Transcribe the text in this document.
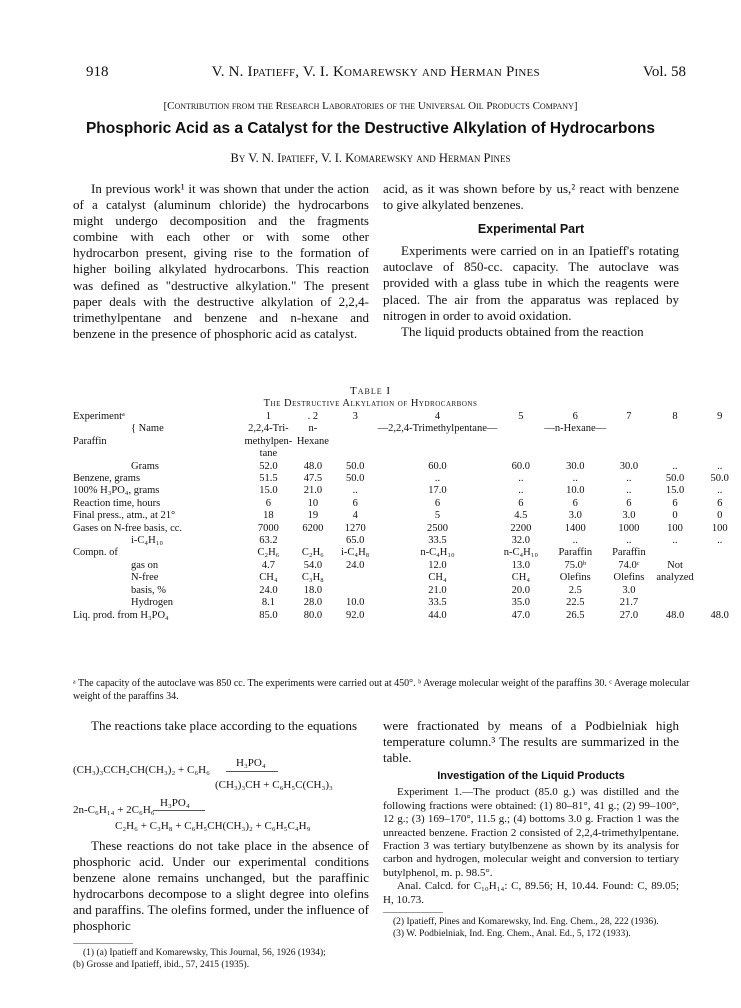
918	V. N. Ipatieff, V. I. Komarewsky and Herman Pines	Vol. 58
[Contribution from the Research Laboratories of the Universal Oil Products Company]
Phosphoric Acid as a Catalyst for the Destructive Alkylation of Hydrocarbons
By V. N. Ipatieff, V. I. Komarewsky and Herman Pines

In previous work¹ it was shown that under the action of a catalyst (aluminum chloride) the hydrocarbons might undergo decomposition and the fragments combine with each other or with some other hydrocarbon present, giving rise to the formation of higher boiling alkylated hydrocarbons. This reaction was defined as "destructive alkylation." The present paper deals with the destructive alkylation of 2,2,4-trimethylpentane and benzene and n-hexane and benzene in the presence of phosphoric acid as catalyst.

acid, as it was shown before by us,² react with benzene to give alkylated benzenes.

Experimental Part

Experiments were carried on in an Ipatieff's rotating autoclave of 850-cc. capacity. The autoclave was provided with a glass tube in which the reagents were placed. The air from the apparatus was replaced by nitrogen in order to avoid oxidation.

The liquid products obtained from the reaction

Table I
The Destructive Alkylation of Hydrocarbons
Experimentᵃ	1	. 2	3	4	5	6	7	8	9
{ Name	2,2,4-Tri-	n-		—2,2,4-Trimethylpentane—		—n-Hexane—			
Paraffin	methylpen-	Hexane							
	tane								
Grams	52.0	48.0	50.0	60.0	60.0	30.0	30.0	..	..
Benzene, grams	51.5	47.5	50.0	..	..	..	..	50.0	50.0
100% H₃PO₄, grams	15.0	21.0	..	17.0	..	10.0	..	15.0	..
Reaction time, hours	6	10	6	6	6	6	6	6	6
Final press., atm., at 21°	18	19	4	5	4.5	3.0	3.0	0	0
Gases on N-free basis, cc.	7000	6200	1270	2500	2200	1400	1000	100	100
i-C₄H₁₀	63.2		65.0	33.5	32.0	..	..	..	..
Compn. of	C₂H₆	C₂H₆	i-C₄H₈	n-C₄H₁₀	n-C₄H₁₀	Paraffin	Paraffin		
gas on	4.7	54.0	24.0	12.0	13.0	75.0ᵇ	74.0ᶜ	Not	
N-free	CH₄	C₃H₈		CH₄	CH₄	Olefins	Olefins	analyzed	
basis, %	24.0	18.0		21.0	20.0	2.5	3.0		
Hydrogen	8.1	28.0	10.0	33.5	35.0	22.5	21.7		
Liq. prod. from H₃PO₄	85.0	80.0	92.0	44.0	47.0	26.5	27.0	48.0	48.0
ᵃ The capacity of the autoclave was 850 cc. The experiments were carried out at 450°. ᵇ Average molecular weight of the paraffins 30. ᶜ Average molecular weight of the paraffins 34.

The reactions take place according to the equations

H₃PO₄
(CH₃)₃CCH₂CH(CH₃)₂ + C₆H₆
(CH₃)₃CH + C₆H₅C(CH₃)₃
H₃PO₄
2n-C₆H₁₄ + 2C₆H₆
C₂H₆ + C₃H₈ + C₆H₅CH(CH₃)₂ + C₆H₅C₄H₉

These reactions do not take place in the absence of phosphoric acid. Under our experimental conditions benzene alone remains unchanged, but the paraffinic hydrocarbons decompose to a slight degree into olefins and paraffins. The olefins formed, under the influence of phosphoric

(1) (a) Ipatieff and Komarewsky, This Journal, 56, 1926 (1934);
(b) Grosse and Ipatieff, ibid., 57, 2415 (1935).

were fractionated by means of a Podbielniak high temperature column.³ The results are summarized in the table.

Investigation of the Liquid Products

Experiment 1.—The product (85.0 g.) was distilled and the following fractions were obtained: (1) 80–81°, 41 g.; (2) 99–100°, 12 g.; (3) 169–170°, 11.5 g.; (4) bottoms 3.0 g. Fraction 1 was the unreacted benzene. Fraction 2 consisted of 2,2,4-trimethylpentane. Fraction 3 was tertiary butylbenzene as shown by its analysis for carbon and hydrogen, molecular weight and conversion to tertiary butylphenol, m. p. 98.5°.

Anal. Calcd. for C₁₀H₁₄: C, 89.56; H, 10.44. Found: C, 89.05; H, 10.73.

(2) Ipatieff, Pines and Komarewsky, Ind. Eng. Chem., 28, 222 (1936).
(3) W. Podbielniak, Ind. Eng. Chem., Anal. Ed., 5, 172 (1933).
